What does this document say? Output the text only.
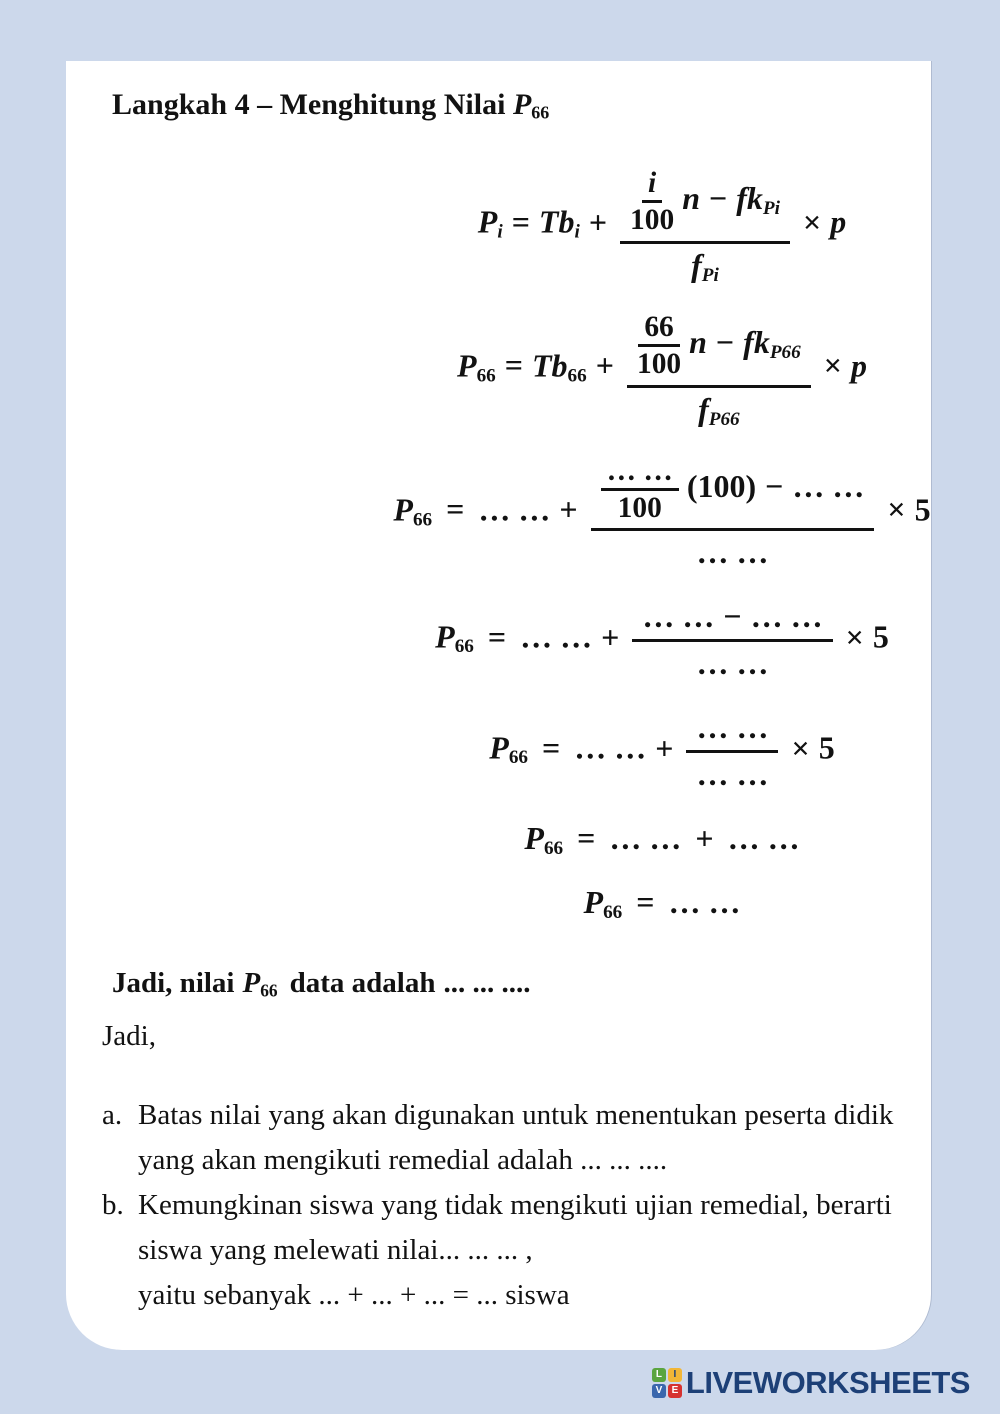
Langkah 4 – Menghitung Nilai $P_{66}$
$P_i = Tb_i + \frac{\frac{i}{100} n - fk_{Pi}}{f_{Pi}} \times p$
$P_{66} = Tb_{66} + \frac{\frac{66}{100} n - fk_{P66}}{f_{P66}} \times p$
$P_{66}$ = … … + … …
100
(100) − … …
… … × 5
$P_{66}$ = … … + $\frac{\dots \dots - \dots \dots}{\dots \dots} \times 5$
$P_{66}$ = … … + $\frac{\dots \dots}{\dots \dots} \times 5$
$P_{66}$ = … … + … …
$P_{66}$ = … …

Jadi, nilai $P_{66}$ data adalah ... ... ....

Jadi,

a. Batas nilai yang akan digunakan untuk menentukan peserta didik
yang akan mengikuti remedial adalah ... ... ....
b. Kemungkinan siswa yang tidak mengikuti ujian remedial, berarti
siswa yang melewati nilai... ... ... ,
yaitu sebanyak ... + ... + ... = ... siswa
L	I
V E LIVEWORKSHEETS
